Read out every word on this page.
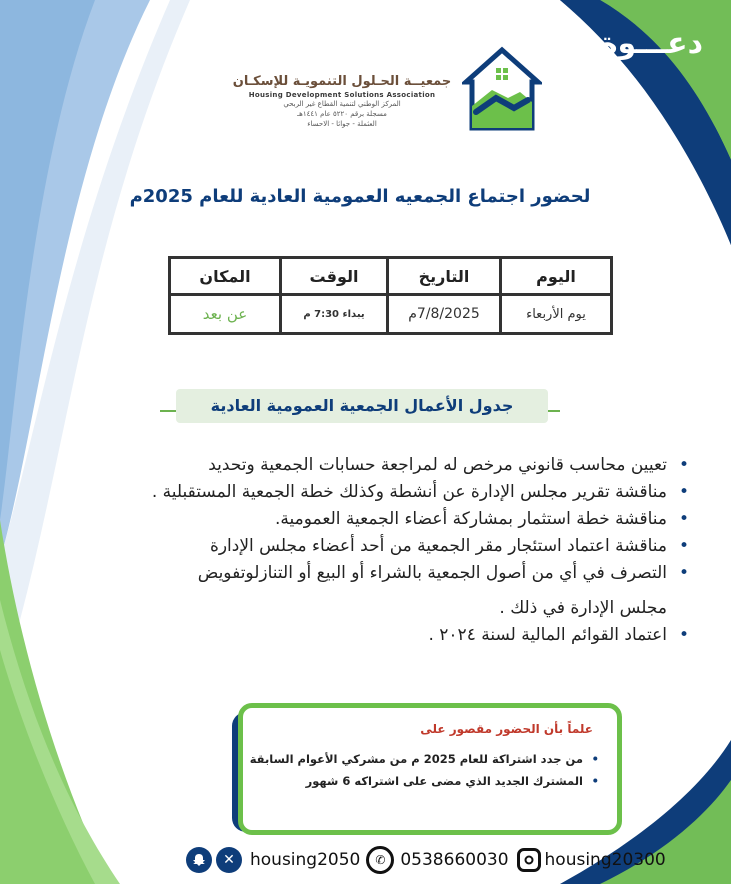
دعـــوة
جمعيــة الحـلول التنمويـة للإسكـان
Housing Development Solutions Association
المركز الوطني لتنمية القطاع غير الربحي
مسجلة برقم ٥٢٢٠ عام ١٤٤١هـ
العثملة - جواثا - الاحساء
لحضور اجتماع الجمعيه العمومية العادية للعام 2025م
اليوم	التاريخ	الوقت	المكان
يوم الأربعاء	7/8/2025م	يبداء 7:30 م	عن بعد
جدول الأعمال الجمعية العمومية العادية
• تعيين محاسب قانوني مرخص له لمراجعة حسابات الجمعية وتحديد
• مناقشة تقرير مجلس الإدارة عن أنشطة وكذلك خطة الجمعية المستقبلية .
• مناقشة خطة استثمار بمشاركة أعضاء الجمعية العمومية.
• مناقشة اعتماد استئجار مقر الجمعية من أحد أعضاء مجلس الإدارة
• التصرف في أي من أصول الجمعية بالشراء أو البيع أو التنازلوتفويض
مجلس الإدارة في ذلك .
• اعتماد القوائم المالية لسنة ٢٠٢٤ .
علماً بأن الحضور مقصور على
• من جدد اشتراكة للعام 2025 م من مشركي الأعوام السابقة
• المشترك الجديد الذي مضى على اشتراكه 6 شهور
✕ housing2050	✆ 0538660030 housing20300
